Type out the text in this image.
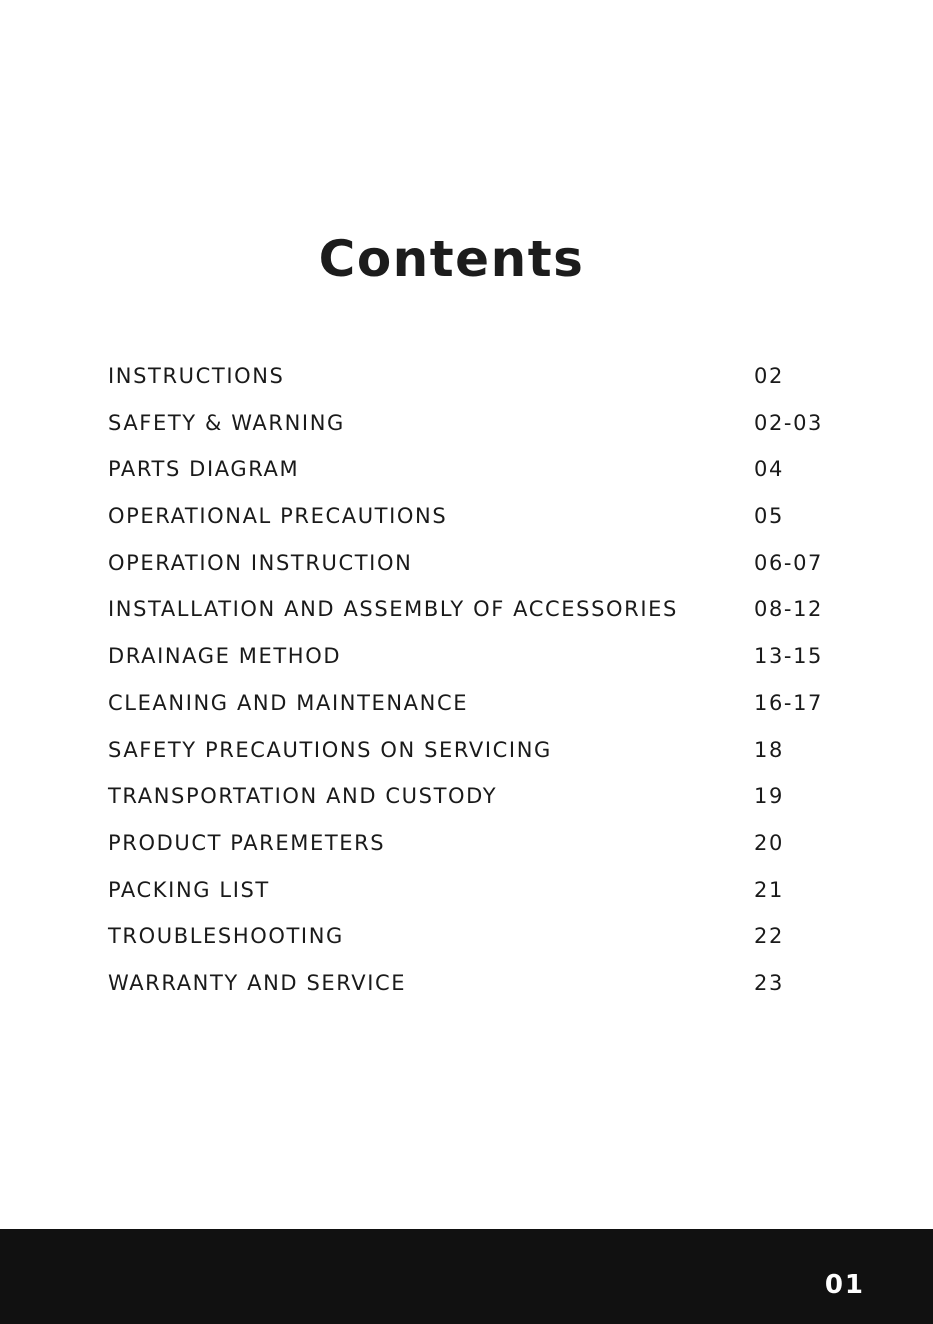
Contents
INSTRUCTIONS	02
SAFETY & WARNING	02-03
PARTS DIAGRAM	04
OPERATIONAL PRECAUTIONS	05
OPERATION INSTRUCTION	06-07
INSTALLATION AND ASSEMBLY OF ACCESSORIES	08-12
DRAINAGE METHOD	13-15
CLEANING AND MAINTENANCE	16-17
SAFETY PRECAUTIONS ON SERVICING	18
TRANSPORTATION AND CUSTODY	19
PRODUCT PAREMETERS	20
PACKING LIST	21
TROUBLESHOOTING	22
WARRANTY AND SERVICE	23
01
